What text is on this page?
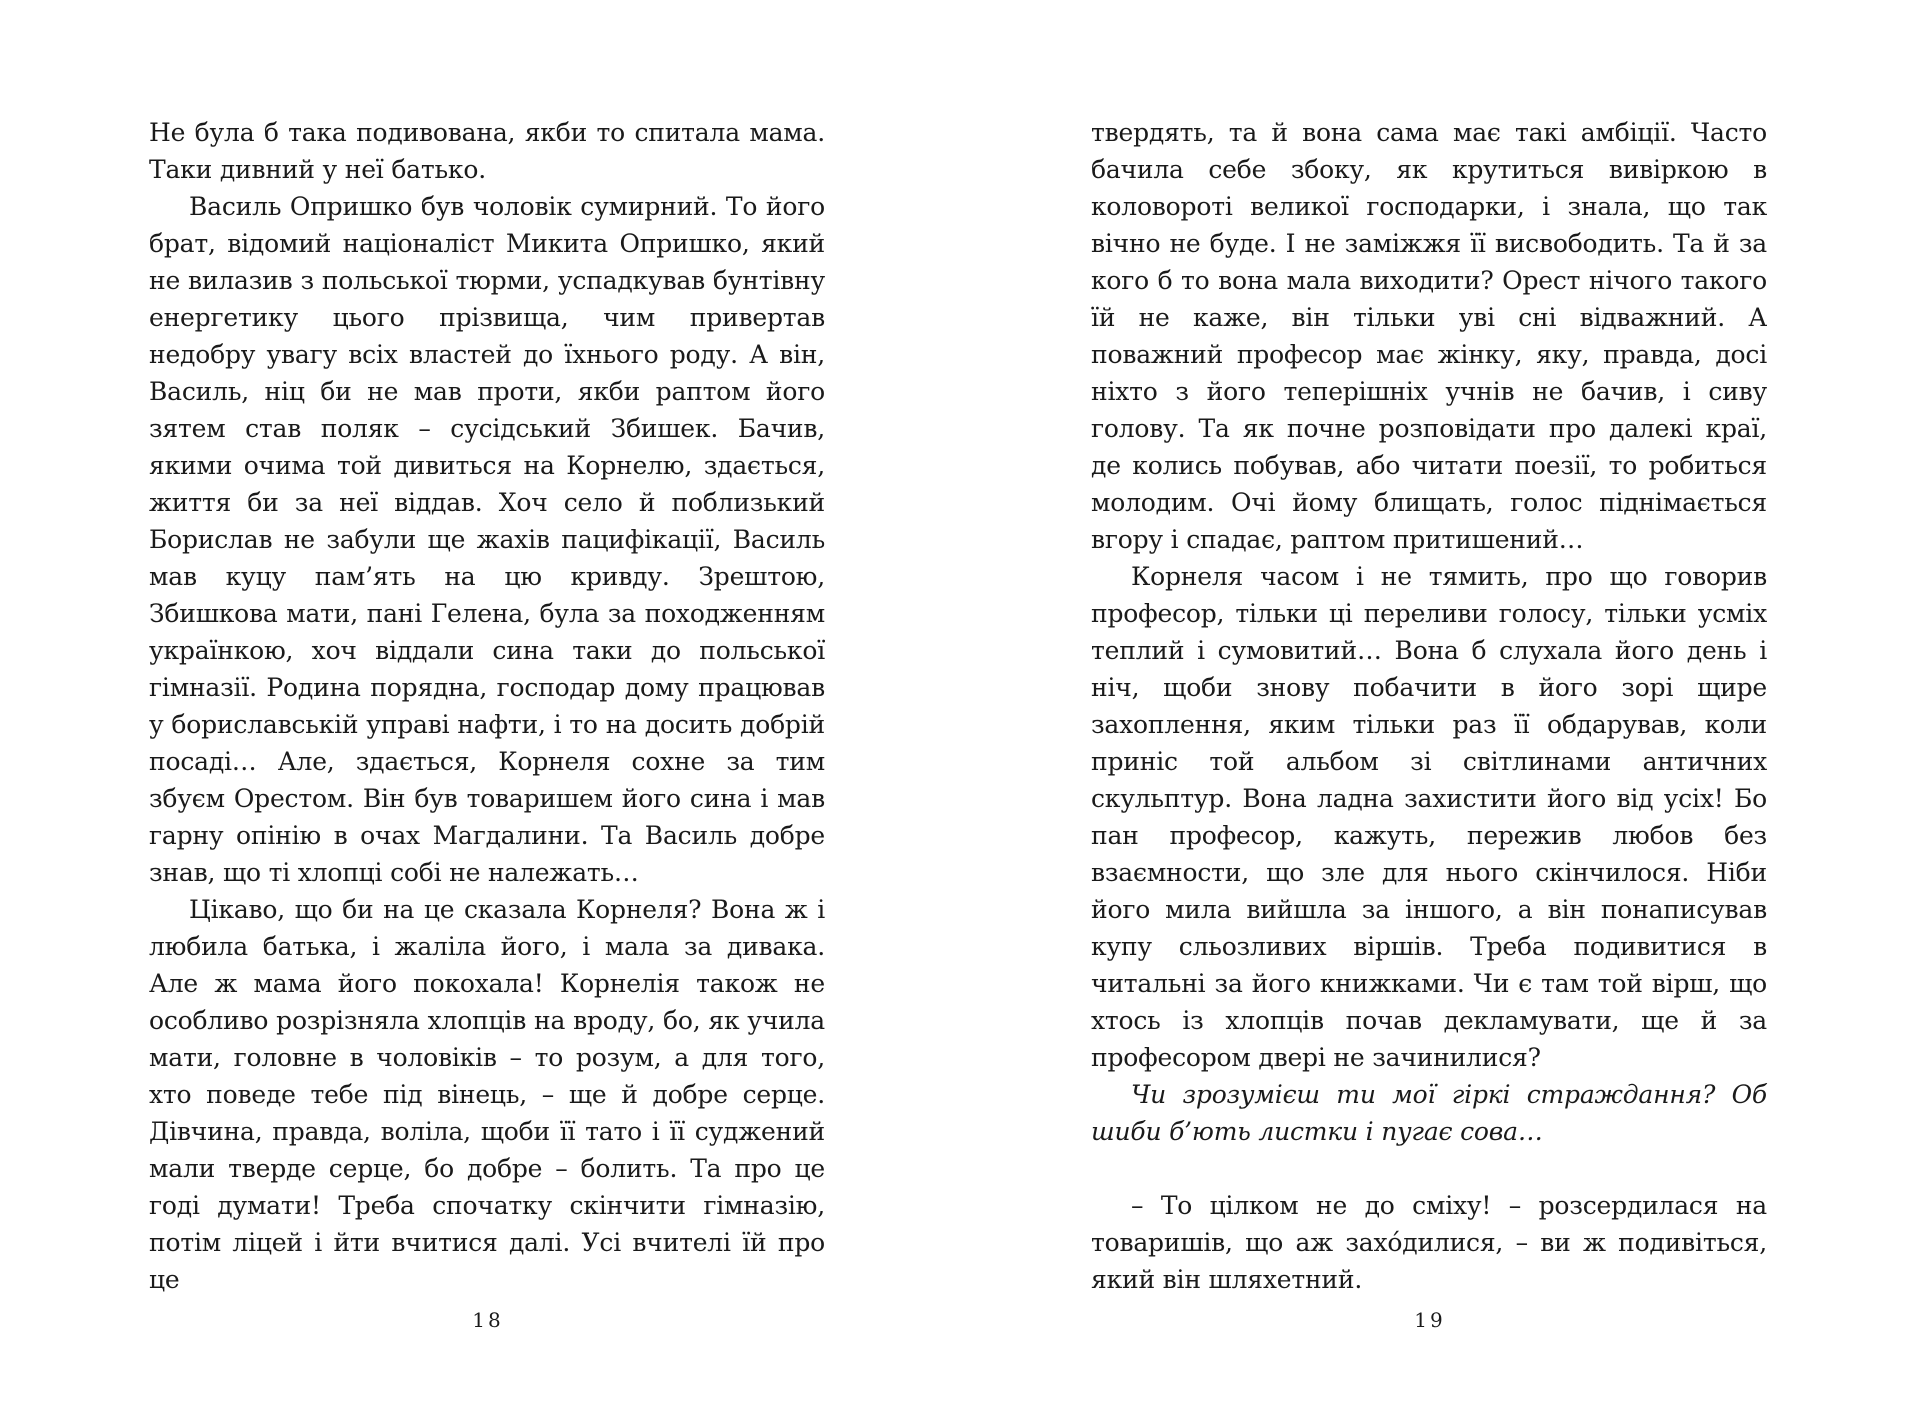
Не була б така подивована, якби то спитала мама. Таки дивний у неї батько.

Василь Опришко був чоловік сумирний. То його брат, відомий націоналіст Микита Опришко, який не вилазив з польської тюрми, успадкував бунтівну енергетику цього прізвища, чим привертав недобру увагу всіх властей до їхнього роду. А він, Василь, ніц би не мав проти, якби раптом його зятем став поляк – сусідський Збишек. Бачив, якими очима той дивиться на Корнелю, здається, життя би за неї віддав. Хоч село й поблизький Борислав не забули ще жахів пацифікації, Василь мав куцу пам’ять на цю кривду. Зрештою, Збишкова мати, пані Гелена, була за походженням українкою, хоч віддали сина таки до польської гімназії. Родина порядна, господар дому працював у бориславській управі нафти, і то на досить добрій посаді… Але, здається, Корнеля сохне за тим збуєм Орестом. Він був товаришем його сина і мав гарну опінію в очах Магдалини. Та Василь добре знав, що ті хлопці собі не належать…

Цікаво, що би на це сказала Корнеля? Вона ж і любила батька, і жаліла його, і мала за дивака. Але ж мама його покохала! Корнелія також не особливо розрізняла хлопців на вроду, бо, як учила мати, головне в чоловіків – то розум, а для того, хто поведе тебе під вінець, – ще й добре серце. Дівчина, правда, воліла, щоби її тато і її суджений мали тверде серце, бо добре – болить. Та про це годі думати! Треба спочатку скінчити гімназію, потім ліцей і йти вчитися далі. Усі вчителі їй про це

18

твердять, та й вона сама має такі амбіції. Часто бачила себе збоку, як крутиться вивіркою в коловороті великої господарки, і знала, що так вічно не буде. І не заміжжя її висвободить. Та й за кого б то вона мала виходити? Орест нічого такого їй не каже, він тільки уві сні відважний. А поважний професор має жінку, яку, правда, досі ніхто з його теперішніх учнів не бачив, і сиву голову. Та як почне розповідати про далекі краї, де колись побував, або читати поезії, то робиться молодим. Очі йому блищать, голос піднімається вгору і спадає, раптом притишений…

Корнеля часом і не тямить, про що говорив професор, тільки ці переливи голосу, тільки усміх теплий і сумовитий… Вона б слухала його день і ніч, щоби знову побачити в його зорі щире захоплення, яким тільки раз її обдарував, коли приніс той альбом зі світлинами античних скульптур. Вона ладна захистити його від усіх! Бо пан професор, кажуть, пережив любов без взаємности, що зле для нього скінчилося. Ніби його мила вийшла за іншого, а він понаписував купу сльозливих віршів. Треба подивитися в читальні за його книжками. Чи є там той вірш, що хтось із хлопців почав декламувати, ще й за професором двері не зачинилися?

Чи зрозумієш ти мої гіркі страждання? Об шиби б’ють листки і пугає сова…

– То цілком не до сміху! – розсердилася на товаришів, що аж захо́дилися, – ви ж подивіться, який він шляхетний.

19
